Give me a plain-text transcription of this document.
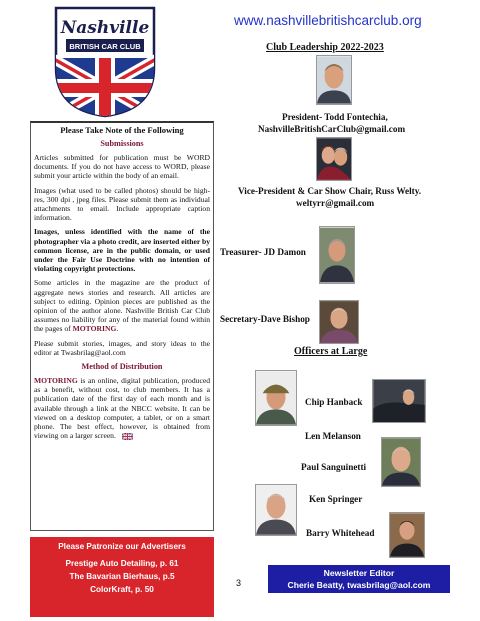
Nashville
BRITISH CAR CLUB
Please Take Note of the Following
Submissions

Articles submitted for publication must be WORD documents. If you do not have access to WORD, please submit your article within the body of an email.

Images (what used to be called photos) should be high-res, 300 dpi , jpeg files. Please submit them as individual attachments to email. Include appropriate caption information.

Images, unless identified with the name of the photographer via a photo credit, are inserted either by common license, are in the public domain, or used under the Fair Use Doctrine with no intention of violating copyright protections.

Some articles in the magazine are the product of aggregate news stories and research. All articles are subject to editing. Opinion pieces are published as the opinion of the author alone. Nashville British Car Club assumes no liability for any of the material found within the pages of MOTORING.

Please submit stories, images, and story ideas to the editor at Twasbrilag@aol.com

Method of Distribution

MOTORING is an online, digital publication, produced as a benefit, without cost, to club members. It has a publication date of the first day of each month and is available through a link at the NBCC website. It can be viewed on a desktop computer, a tablet, or on a smart phone. The best effect, however, is obtained from viewing on a larger screen.

Please Patronize our Advertisers
Prestige Auto Detailing, p. 61
The Bavarian Bierhaus, p.5
ColorKraft, p. 50
www.nashvillebritishcarclub.org
Club Leadership 2022-2023
President- Todd Fontechia,
NashvilleBritishCarClub@gmail.com
Vice-President & Car Show Chair, Russ Welty.
weltyrr@gmail.com
Treasurer- JD Damon
Secretary-Dave Bishop
Officers at Large
Chip Hanback
Len Melanson
Paul Sanguinetti
Ken Springer
Barry Whitehead
3
Newsletter Editor
Cherie Beatty, twasbrilag@aol.com
